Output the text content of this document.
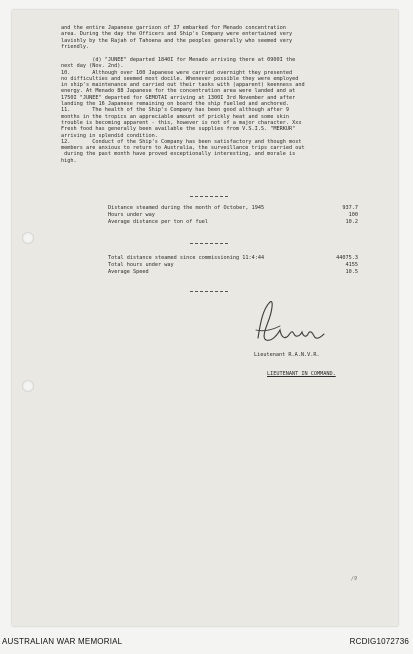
and the entire Japanese garrison of 37 embarked for Menado concentration
area. During the day the Officers and Ship's Company were entertained very
lavishly by the Rajah of Tahoena and the peoples generally who seemed very
friendly.
(d) "JUNEE" departed 1840I for Menado arriving there at 0900I the
next day (Nov. 2nd).
10.       Although over 100 Japanese were carried overnight they presented
no difficulties and seemed most docile. Whenever possible they were employed
in ship's maintenance and carried out their tasks with (apparent) keenness and
energy. At Menado 88 Japanese for the concentration area were landed and at
1750I "JUNEE" departed for GEMOTAI arriving at 1300I 3rd November and after
landing the 16 Japanese remaining on board the ship fuelled and anchored.
11.       The health of the Ship's Company has been good although after 9
months in the tropics an appreciable amount of prickly heat and some skin
trouble is becoming apparent - this, however is not of a major character. Xxx
Fresh food has generally been available the supplies from V.S.I.S. "MERKUR"
arriving in splendid condition.
12.       Conduct of the Ship's Company has been satisfactory and though most
members are anxious to return to Australia, the surveillance trips carried out
during the past month have proved exceptionally interesting, and morale is
high.
Distance steamed during the month of October, 1945	937.7
Hours under way	100
Average distance per ton of fuel	10.2
Total distance steamed since commissioning 11:4:44	44075.3
Total hours under way	4155
Average Speed	10.5
Lieutenant R.A.N.V.R.
LIEUTENANT IN COMMAND.
/9
AUSTRALIAN WAR MEMORIAL	RCDIG1072736
